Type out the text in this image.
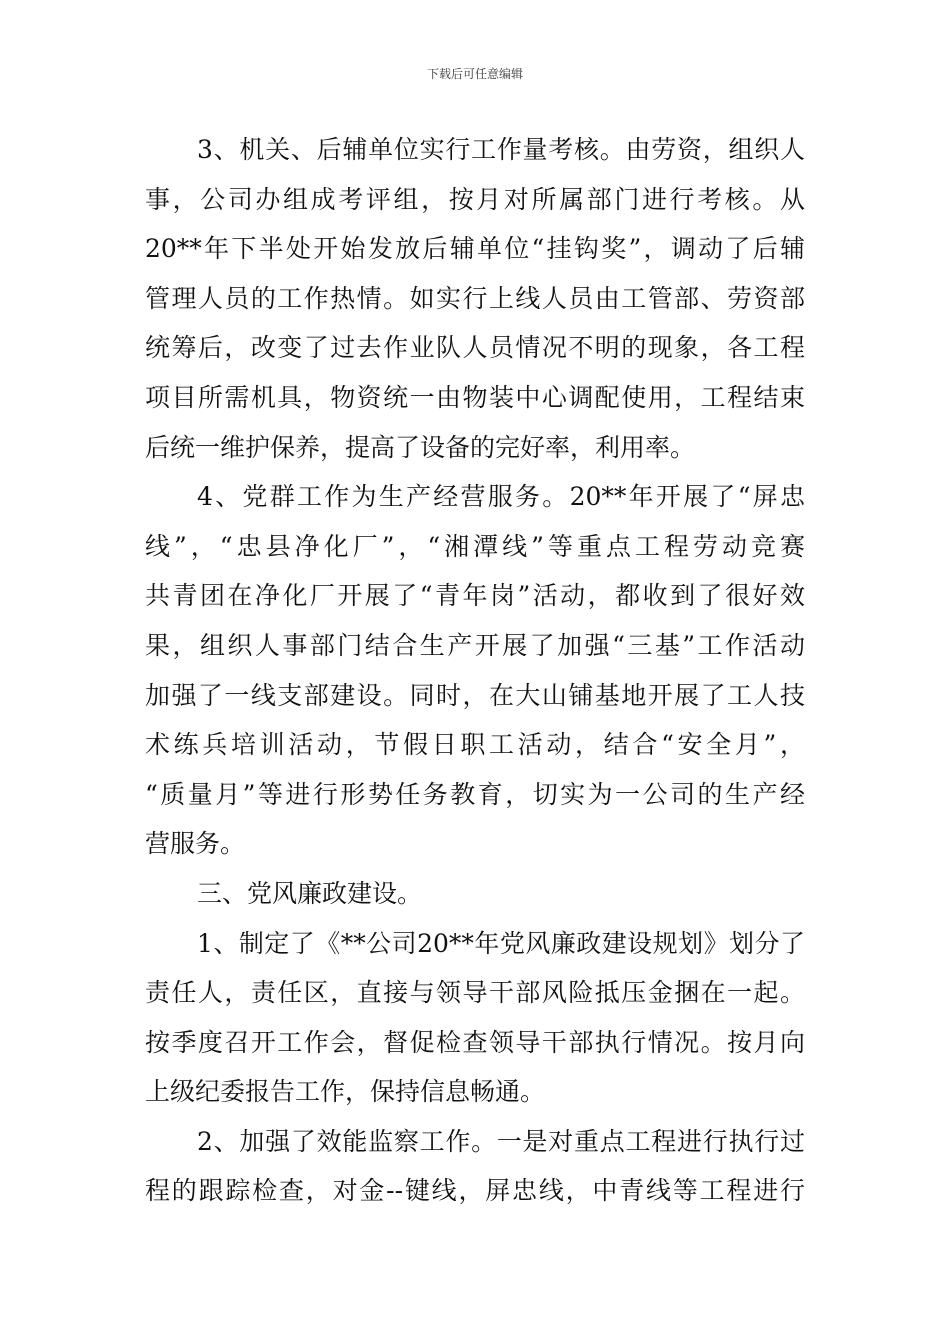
下载后可任意编辑
3、机关、后辅单位实行工作量考核。由劳资，组织人
事，公司办组成考评组，按月对所属部门进行考核。从
20**年下半处开始发放后辅单位“挂钩奖”，调动了后辅
管理人员的工作热情。如实行上线人员由工管部、劳资部
统筹后，改变了过去作业队人员情况不明的现象，各工程
项目所需机具，物资统一由物装中心调配使用，工程结束
后统一维护保养，提高了设备的完好率，利用率。
4、党群工作为生产经营服务。20**年开展了“屏忠
线”，“忠县净化厂”，“湘潭线”等重点工程劳动竞赛
共青团在净化厂开展了“青年岗”活动，都收到了很好效
果，组织人事部门结合生产开展了加强“三基”工作活动
加强了一线支部建设。同时，在大山铺基地开展了工人技
术练兵培训活动，节假日职工活动，结合“安全月”，
“质量月”等进行形势任务教育，切实为一公司的生产经
营服务。
三、党风廉政建设。
1、制定了《**公司20**年党风廉政建设规划》划分了
责任人，责任区，直接与领导干部风险抵压金捆在一起。
按季度召开工作会，督促检查领导干部执行情况。按月向
上级纪委报告工作，保持信息畅通。
2、加强了效能监察工作。一是对重点工程进行执行过
程的跟踪检查，对金--键线，屏忠线，中青线等工程进行
